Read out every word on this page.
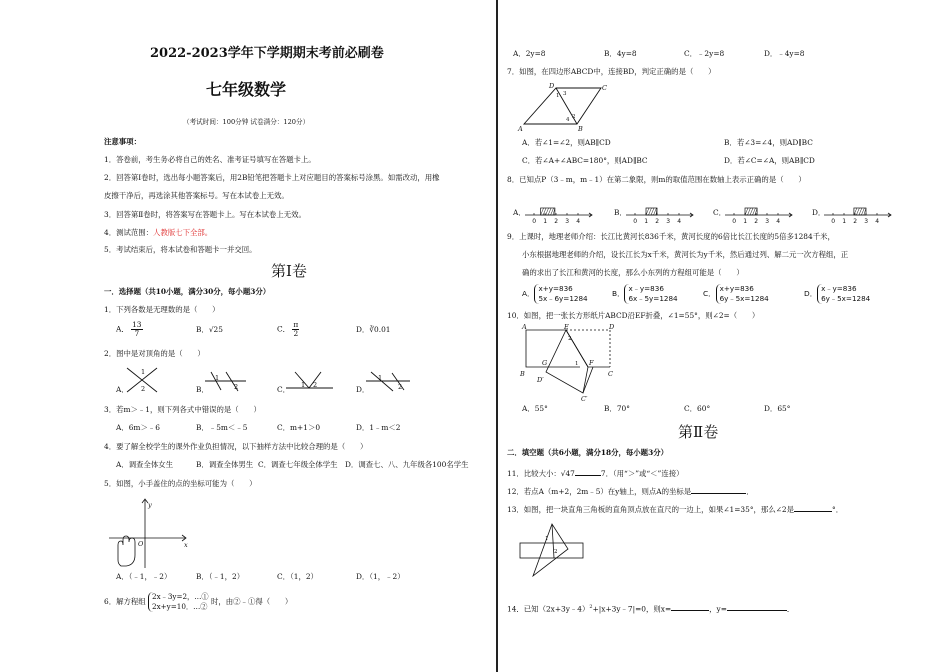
2022-2023学年下学期期末考前必刷卷
七年级数学
（考试时间：100分钟 试卷满分：120分）
注意事项：
1．答卷前，考生务必将自己的姓名、准考证号填写在答题卡上。
2．回答第Ⅰ卷时，选出每小题答案后，用2B铅笔把答题卡上对应题目的答案标号涂黑。如需改动，用橡
皮擦干净后，再选涂其他答案标号。写在本试卷上无效。
3．回答第Ⅱ卷时，将答案写在答题卡上。写在本试卷上无效。
4．测试范围：人教版七下全部。
5．考试结束后，将本试卷和答题卡一并交回。
第Ⅰ卷
一．选择题（共10小题，满分30分，每小题3分）
1．下列各数是无理数的是（　　）
A． $\frac{13}{7}$	B．√25	C． $\frac{\pi}{2}$	D．∛0.01
2．图中是对顶角的是（　　）
A．	B．	C．	D．
1
2
1
2	1 2
1
2
3．若m＞﹣1，则下列各式中错误的是（　　）
A．6m＞﹣6	B．﹣5m＜﹣5	C．m+1＞0	D．1﹣m＜2
4．要了解全校学生的课外作业负担情况，以下抽样方法中比较合理的是（　　）
A．调查全体女生	B．调查全体男生 C．调查七年级全体学生 D．调查七、八、九年级各100名学生
5．如图，小手盖住的点的坐标可能为（　　）
y
x
O
A．（﹣1，﹣2）	B．（﹣1，2）	C．（1，2）	D．（1，﹣2）
6．解方程组
2x﹣3y=2，…①
2x+y=10．…②
时，由②﹣①得（　　）
A．2y=8	B．4y=8	C．﹣2y=8	D．﹣4y=8
7．如图，在四边形ABCD中，连接BD，判定正确的是（　　）
A	B
C
D
1 3
4 2
A．若∠1=∠2，则AB∥CD	B．若∠3=∠4，则AD∥BC
C．若∠A+∠ABC=180°，则AD∥BC	D．若∠C=∠A，则AB∥CD
8．已知点P（3﹣m，m﹣1）在第二象限，则m的取值范围在数轴上表示正确的是（　　）
A．	B．	C．	D．
0 1 2 3 4	0 1 2 3 4	0 1 2 3 4	0 1 2 3 4
9．上课时，地理老师介绍：长江比黄河长836千米，黄河长度的6倍比长江长度的5倍多1284千米，
小东根据地理老师的介绍，设长江长为x千米，黄河长为y千米，然后通过列、解二元一次方程组，正
确的求出了长江和黄河的长度，那么小东列的方程组可能是（　　）
A．
x+y=836
5x﹣6y=1284
B．
x﹣y=836
6x﹣5y=1284
C．
x+y=836
6y﹣5x=1284
D．
x﹣y=836
6y﹣5x=1284
10．如图，把一张长方形纸片ABCD沿EF折叠，∠1=55°，则∠2=（　　）
A	E	D
G	F
B	C
D′
C′
1
2
A．55°	B．70°	C．60°	D．65°
第Ⅱ卷
二．填空题（共6小题，满分18分，每小题3分）
11．比较大小：√47	7．（用“＞”或“＜”连接）
12．若点A（m+2，2m﹣5）在y轴上，则点A的坐标是	．
13．如图，把一块直角三角板的直角顶点放在直尺的一边上，如果∠1=35°，那么∠2是	°．
1
2
14．已知（2x+3y﹣4）$^2$+|x+3y﹣7|=0，则x=	，y=	．
